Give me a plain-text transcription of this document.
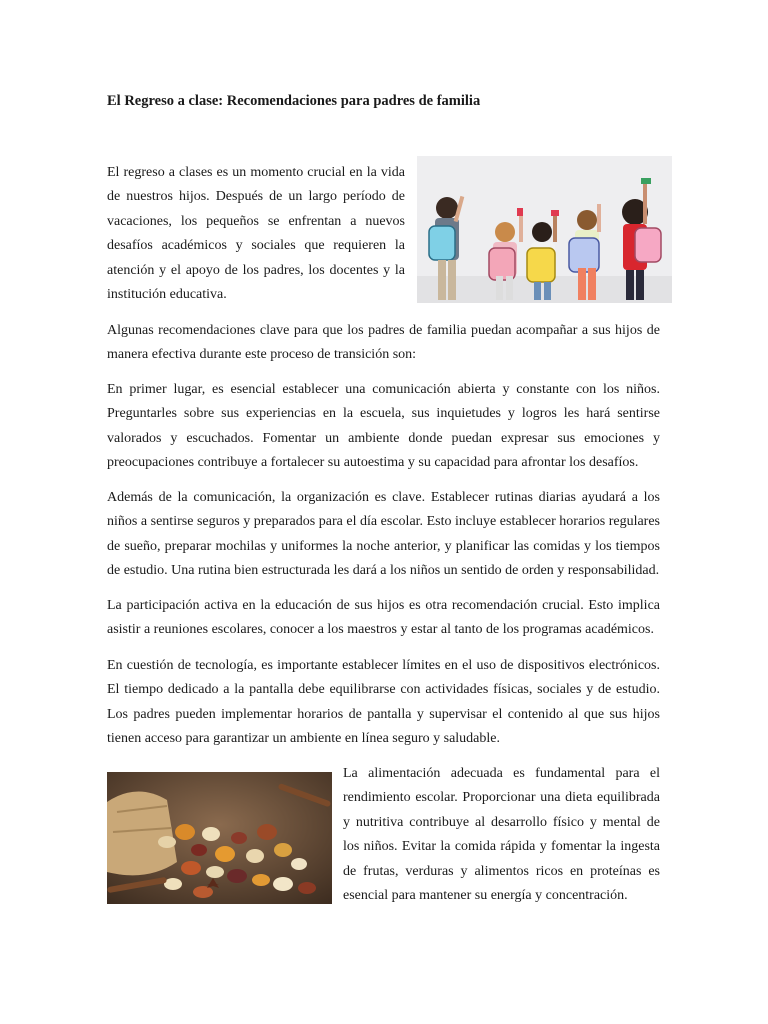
El Regreso a clase: Recomendaciones para padres de familia

El regreso a clases es un momento crucial en la vida de nuestros hijos. Después de un largo período de vacaciones, los pequeños se enfrentan a nuevos desafíos académicos y sociales que requieren la atención y el apoyo de los padres, los docentes y la institución educativa.

Algunas recomendaciones clave para que los padres de familia puedan acompañar a sus hijos de manera efectiva durante este proceso de transición son:

En primer lugar, es esencial establecer una comunicación abierta y constante con los niños. Preguntarles sobre sus experiencias en la escuela, sus inquietudes y logros les hará sentirse valorados y escuchados. Fomentar un ambiente donde puedan expresar sus emociones y preocupaciones contribuye a fortalecer su autoestima y su capacidad para afrontar los desafíos.

Además de la comunicación, la organización es clave. Establecer rutinas diarias ayudará a los niños a sentirse seguros y preparados para el día escolar. Esto incluye establecer horarios regulares de sueño, preparar mochilas y uniformes la noche anterior, y planificar las comidas y los tiempos de estudio. Una rutina bien estructurada les dará a los niños un sentido de orden y responsabilidad.

La participación activa en la educación de sus hijos es otra recomendación crucial. Esto implica asistir a reuniones escolares, conocer a los maestros y estar al tanto de los programas académicos.

En cuestión de tecnología, es importante establecer límites en el uso de dispositivos electrónicos. El tiempo dedicado a la pantalla debe equilibrarse con actividades físicas, sociales y de estudio. Los padres pueden implementar horarios de pantalla y supervisar el contenido al que sus hijos tienen acceso para garantizar un ambiente en línea seguro y saludable.

La alimentación adecuada es fundamental para el rendimiento escolar. Proporcionar una dieta equilibrada y nutritiva contribuye al desarrollo físico y mental de los niños. Evitar la comida rápida y fomentar la ingesta de frutas, verduras y alimentos ricos en proteínas es esencial para mantener su energía y concentración.
